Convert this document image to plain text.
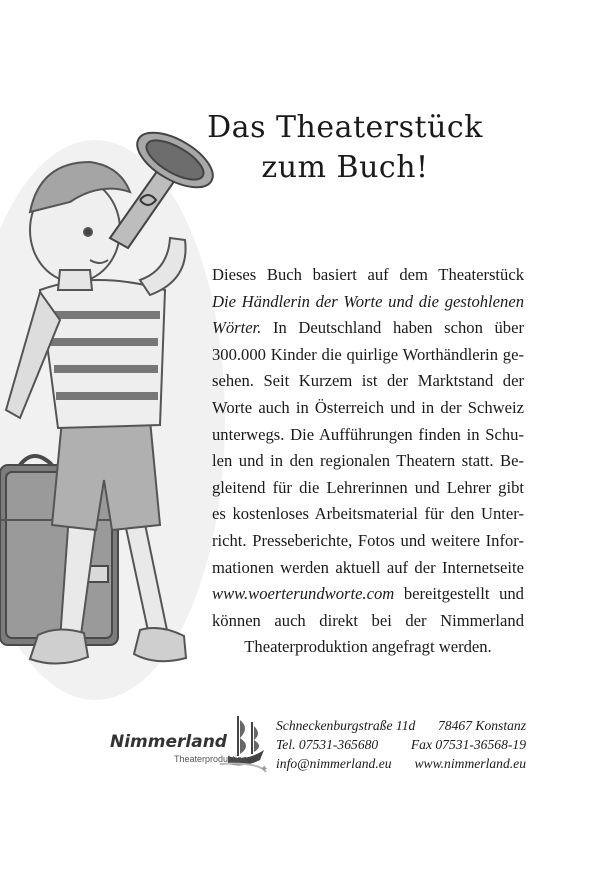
Das Theaterstück
zum Buch!
Dieses Buch basiert auf dem Theaterstück
Die Händlerin der Worte und die gestohlenen
Wörter. In Deutschland haben schon über
300.000 Kinder die quirlige Worthändlerin ge-
sehen. Seit Kurzem ist der Marktstand der
Worte auch in Österreich und in der Schweiz
unterwegs. Die Aufführungen finden in Schu-
len und in den regionalen Theatern statt. Be-
gleitend für die Lehrerinnen und Lehrer gibt
es kostenloses Arbeitsmaterial für den Unter-
richt. Presseberichte, Fotos und weitere Infor-
mationen werden aktuell auf der Internetseite
www.woerterundworte.com bereitgestellt und
können auch direkt bei der Nimmerland
Theaterproduktion angefragt werden.
✦
Nimmerland
Theaterproduktion
Schneckenburgstraße 11d 78467 Konstanz
Tel. 07531-365680 Fax 07531-36568-19
info@nimmerland.eu www.nimmerland.eu
